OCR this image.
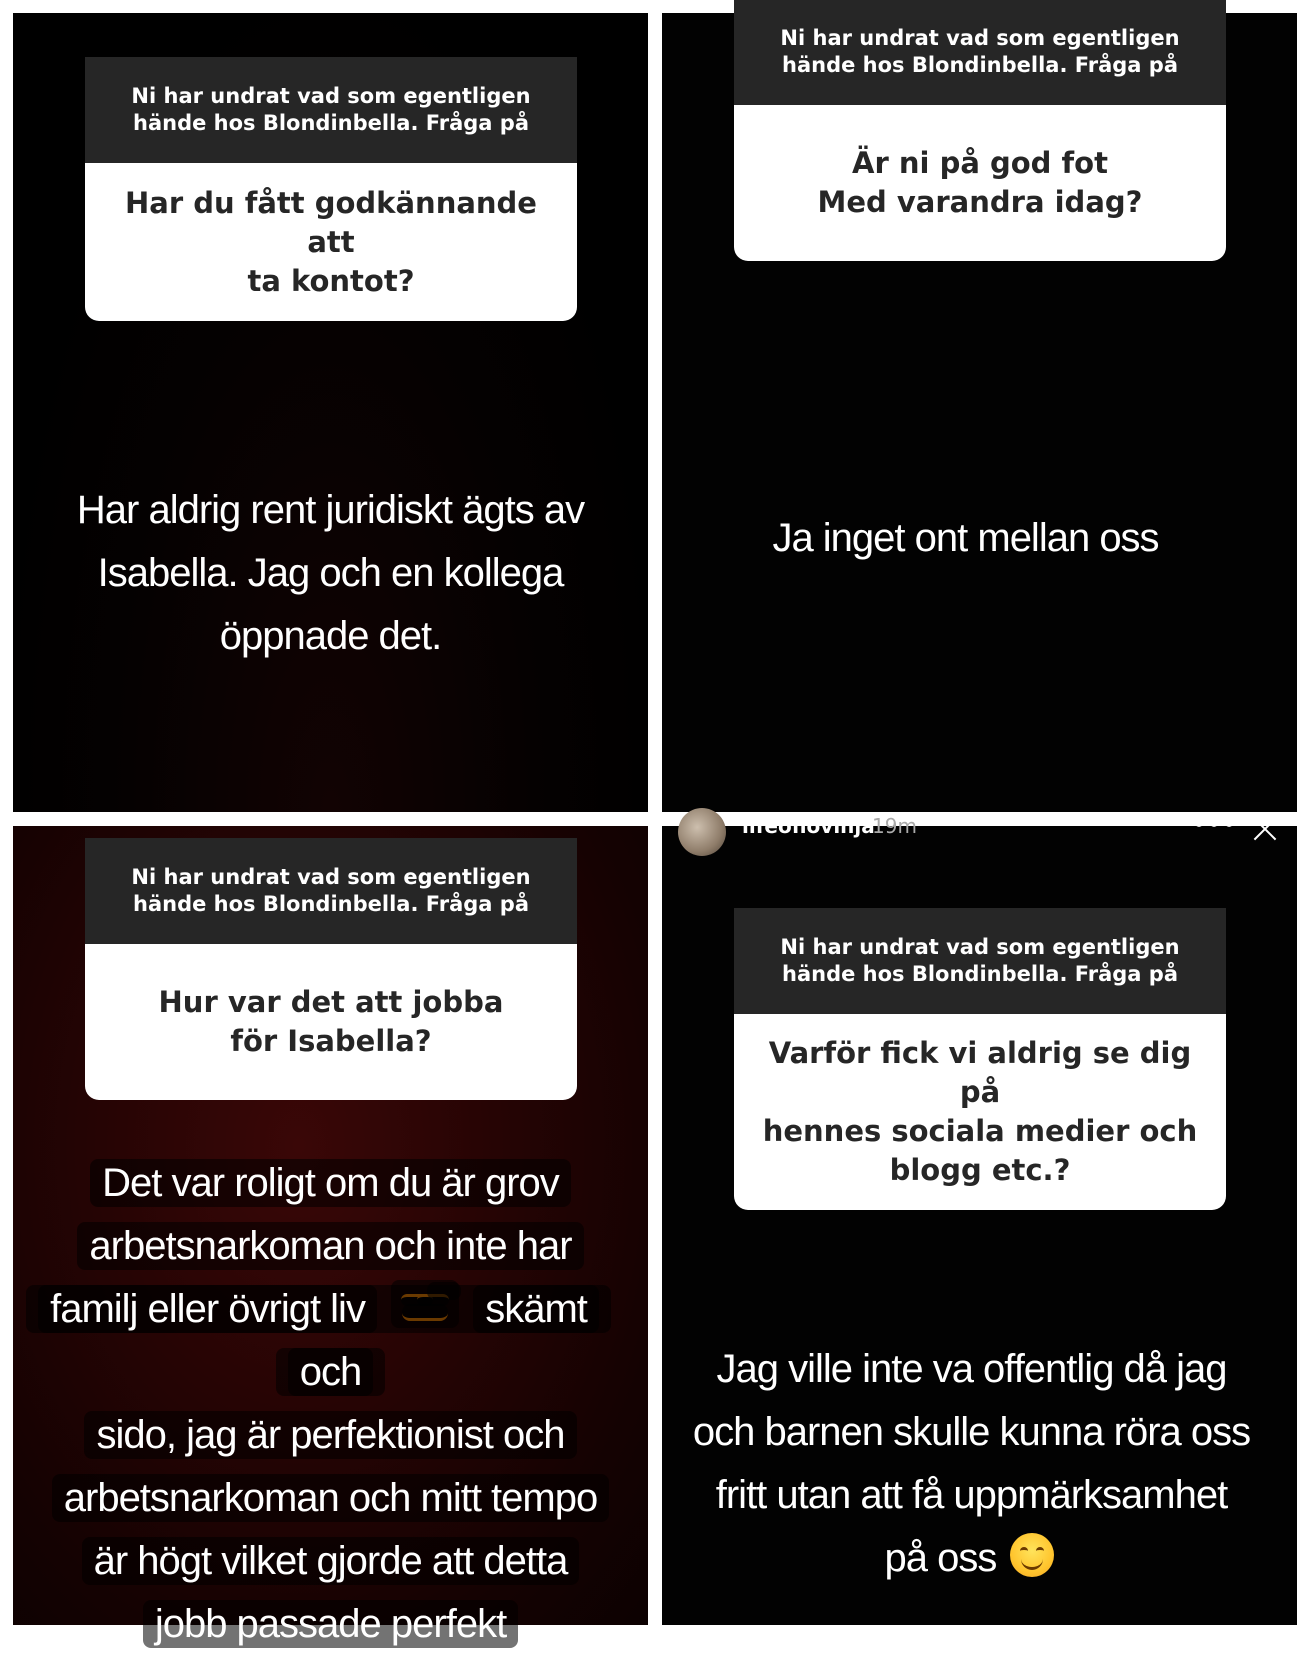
Ni har undrat vad som egentligen
hände hos Blondinbella. Fråga på
Har du fått godkännande att
ta kontot?
Har aldrig rent juridiskt ägts av
Isabella. Jag och en kollega
öppnade det.
Ni har undrat vad som egentligen
hände hos Blondinbella. Fråga på
Är ni på god fot
Med varandra idag?
Ja inget ont mellan oss
Ni har undrat vad som egentligen
hände hos Blondinbella. Fråga på
Hur var det att jobba
för Isabella?
Det var roligt om du är grov
arbetsnarkoman och inte har
familj eller övrigt liv	skämt och
sido, jag är perfektionist och
arbetsnarkoman och mitt tempo
är högt vilket gjorde att detta
jobb passade perfekt
lifeofiovinja
19m	•••
Ni har undrat vad som egentligen
hände hos Blondinbella. Fråga på
Varför fick vi aldrig se dig på
hennes sociala medier och
blogg etc.?
Jag ville inte va offentlig då jag
och barnen skulle kunna röra oss
fritt utan att få uppmärksamhet
på oss
